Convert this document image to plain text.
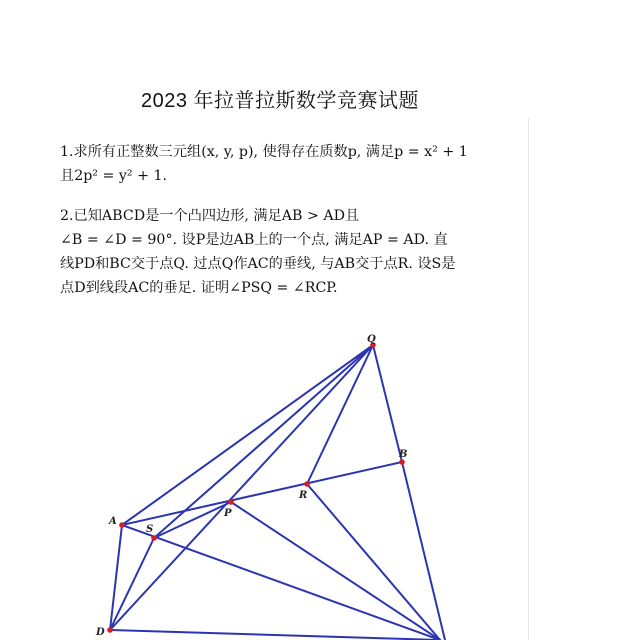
2023 年拉普拉斯数学竞赛试题
1.求所有正整数三元组(x, y, p), 使得存在质数p, 满足p = x² + 1
且2p² = y² + 1.
2.已知ABCD是一个凸四边形, 满足AB > AD且
∠B = ∠D = 90°. 设P是边AB上的一个点, 满足AP = AD. 直
线PD和BC交于点Q. 过点Q作AC的垂线, 与AB交于点R. 设S是
点D到线段AC的垂足. 证明∠PSQ = ∠RCP.
Q
B
R
P
A
S
D
